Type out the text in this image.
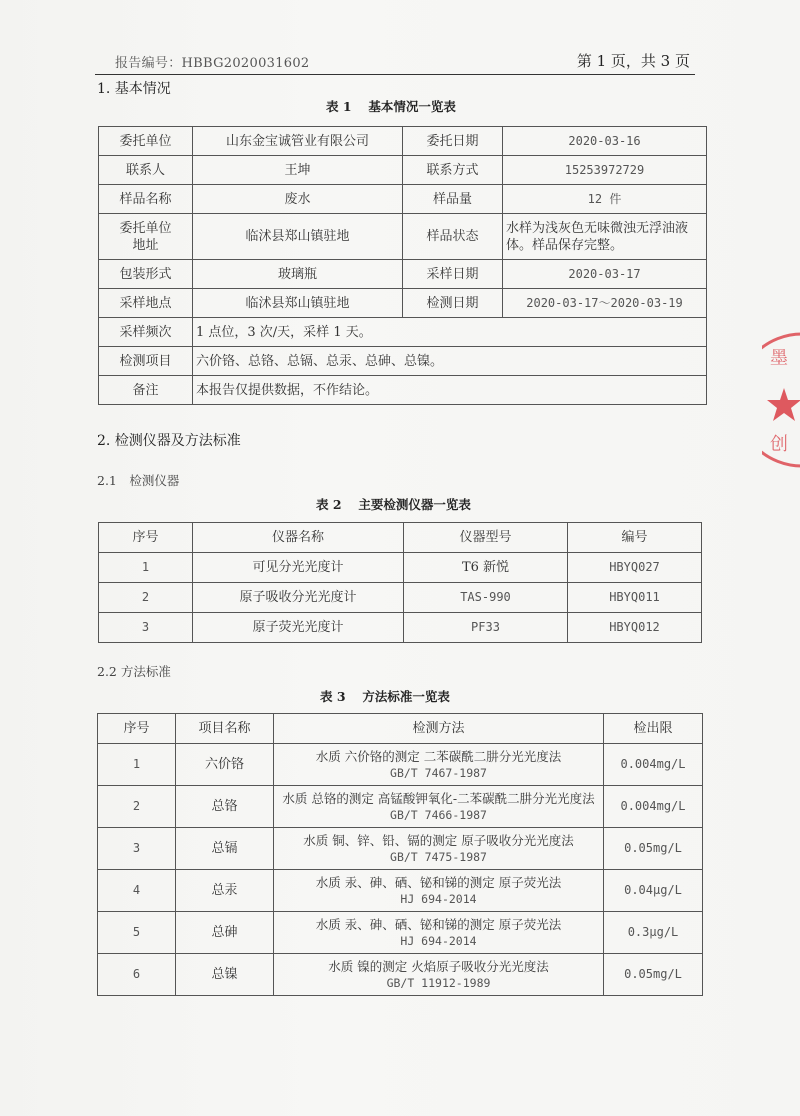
报告编号：HBBG2020031602	第 1 页，共 3 页
1. 基本情况
表 1　 基本情况一览表
委托单位	山东金宝诚管业有限公司	委托日期	2020-03-16
联系人	王坤	联系方式	15253972729
样品名称	废水	样品量	12 件
委托单位
地址	临沭县郑山镇驻地	样品状态	水样为浅灰色无味微浊无浮油液体。样品保存完整。
包装形式	玻璃瓶	采样日期	2020-03-17
采样地点	临沭县郑山镇驻地	检测日期	2020-03-17～2020-03-19
采样频次	1 点位，3 次/天，采样 1 天。		
检测项目	六价铬、总铬、总镉、总汞、总砷、总镍。		
备注	本报告仅提供数据，不作结论。		
2. 检测仪器及方法标准
2.1　检测仪器
表 2　 主要检测仪器一览表
序号	仪器名称	仪器型号	编号
1	可见分光光度计	T6 新悦	HBYQ027
2	原子吸收分光光度计	TAS-990	HBYQ011
3	原子荧光光度计	PF33	HBYQ012
2.2 方法标准
表 3　 方法标准一览表
序号	项目名称	检测方法	检出限
1	六价铬	水质 六价铬的测定 二苯碳酰二肼分光光度法
GB/T 7467-1987	0.004mg/L
2	总铬	水质 总铬的测定 高锰酸钾氧化-二苯碳酰二肼分光光度法
GB/T 7466-1987	0.004mg/L
3	总镉	水质 铜、锌、铅、镉的测定 原子吸收分光光度法
GB/T 7475-1987	0.05mg/L
4	总汞	水质 汞、砷、硒、铋和锑的测定 原子荧光法
HJ 694-2014	0.04μg/L
5	总砷	水质 汞、砷、硒、铋和锑的测定 原子荧光法
HJ 694-2014	0.3μg/L
6	总镍	水质 镍的测定 火焰原子吸收分光光度法
GB/T 11912-1989	0.05mg/L
墨
创
